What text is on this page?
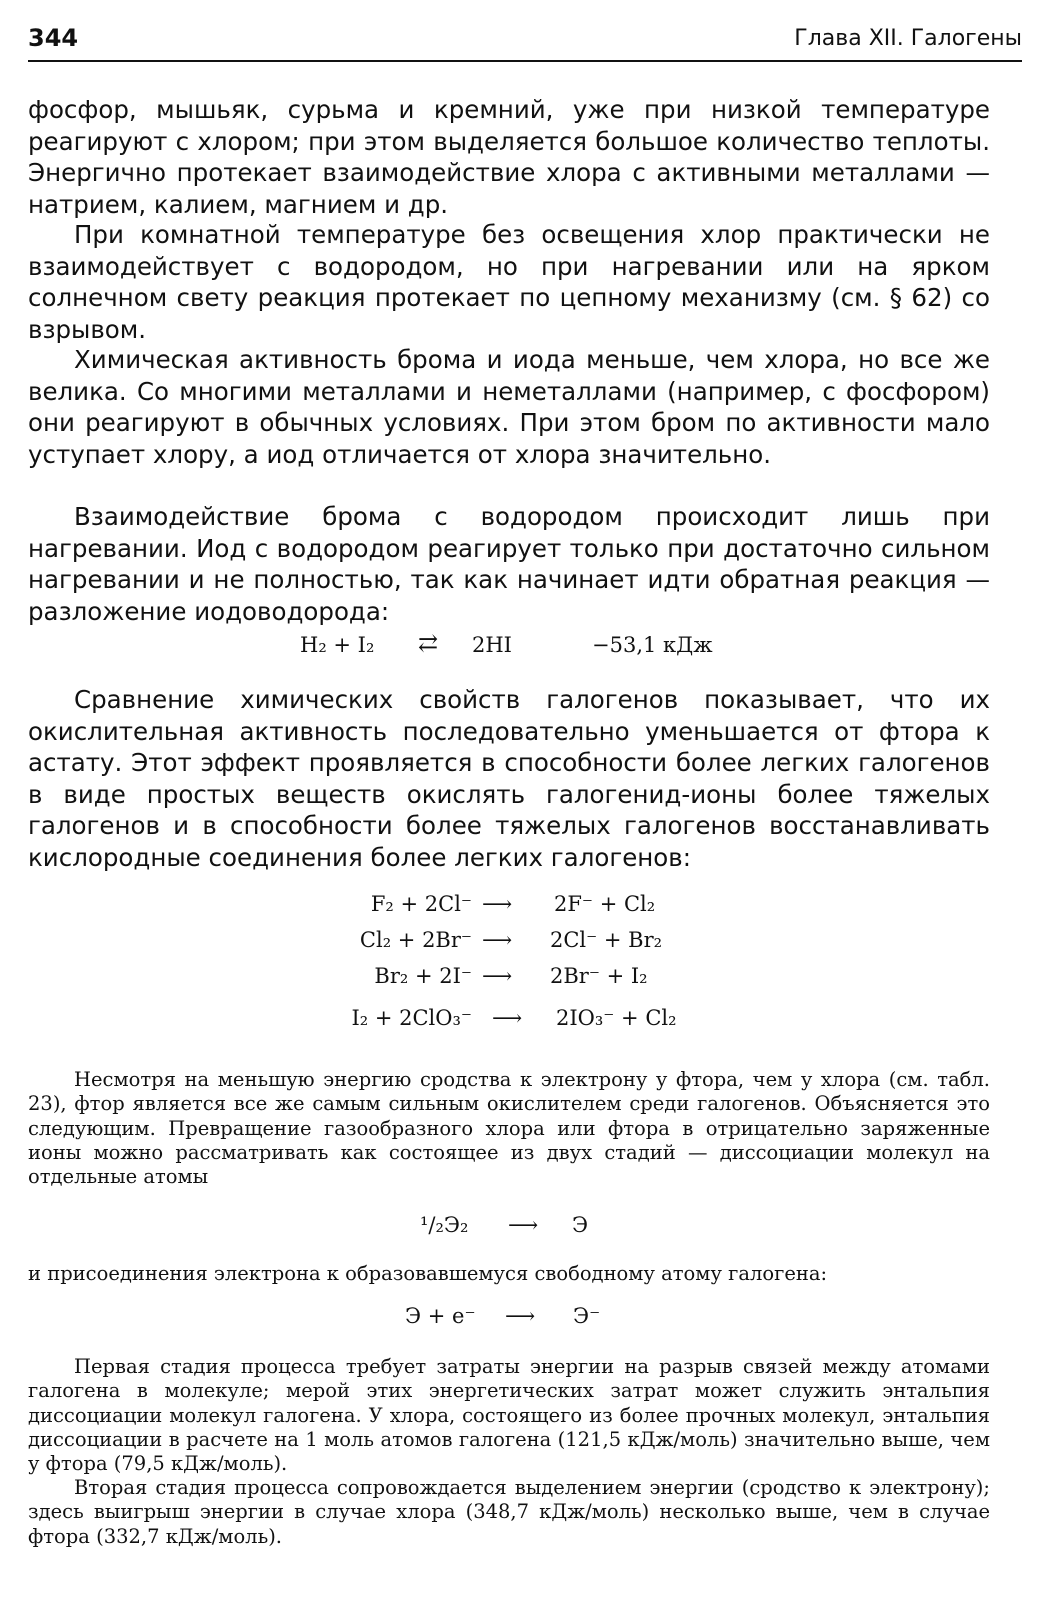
344	Глава XII. Галогены

фосфор, мышьяк, сурьма и кремний, уже при низкой температуре реагируют с хлором; при этом выделяется большое количество теплоты. Энергично протекает взаимодействие хлора с активными металлами — натрием, калием, магнием и др.

При комнатной температуре без освещения хлор практически не взаимодействует с водородом, но при нагревании или на ярком солнечном свету реакция протекает по цепному механизму (см. § 62) со взрывом.

Химическая активность брома и иода меньше, чем хлора, но все же велика. Со многими металлами и неметаллами (например, с фосфором) они реагируют в обычных условиях. При этом бром по активности мало уступает хлору, а иод отличается от хлора значительно.

Взаимодействие брома с водородом происходит лишь при нагревании. Иод с водородом реагирует только при достаточно сильном нагревании и не полностью, так как начинает идти обратная реакция — разложение иодоводорода:

H₂ + I₂ ⇄ 2HI	−53,1 кДж

Сравнение химических свойств галогенов показывает, что их окислительная активность последовательно уменьшается от фтора к астату. Этот эффект проявляется в способности более легких галогенов в виде простых веществ окислять галогенид-ионы более тяжелых галогенов и в способности более тяжелых галогенов восстанавливать кислородные соединения более легких галогенов:

F₂ + 2Cl⁻ ⟶ 2F⁻ + Cl₂
Cl₂ + 2Br⁻ ⟶ 2Cl⁻ + Br₂
Br₂ + 2I⁻ ⟶ 2Br⁻ + I₂
I₂ + 2ClO₃⁻ ⟶ 2IO₃⁻ + Cl₂

Несмотря на меньшую энергию сродства к электрону у фтора, чем у хлора (см. табл. 23), фтор является все же самым сильным окислителем среди галогенов. Объясняется это следующим. Превращение газообразного хлора или фтора в отрицательно заряженные ионы можно рассматривать как состоящее из двух стадий — диссоциации молекул на отдельные атомы

¹/₂Э₂ ⟶ Э

и присоединения электрона к образовавшемуся свободному атому галогена:

Э + e⁻ ⟶ Э⁻

Первая стадия процесса требует затраты энергии на разрыв связей между атомами галогена в молекуле; мерой этих энергетических затрат может служить энтальпия диссоциации молекул галогена. У хлора, состоящего из более прочных молекул, энтальпия диссоциации в расчете на 1 моль атомов галогена (121,5 кДж/моль) значительно выше, чем у фтора (79,5 кДж/моль).

Вторая стадия процесса сопровождается выделением энергии (сродство к электрону); здесь выигрыш энергии в случае хлора (348,7 кДж/моль) несколько выше, чем в случае фтора (332,7 кДж/моль).
